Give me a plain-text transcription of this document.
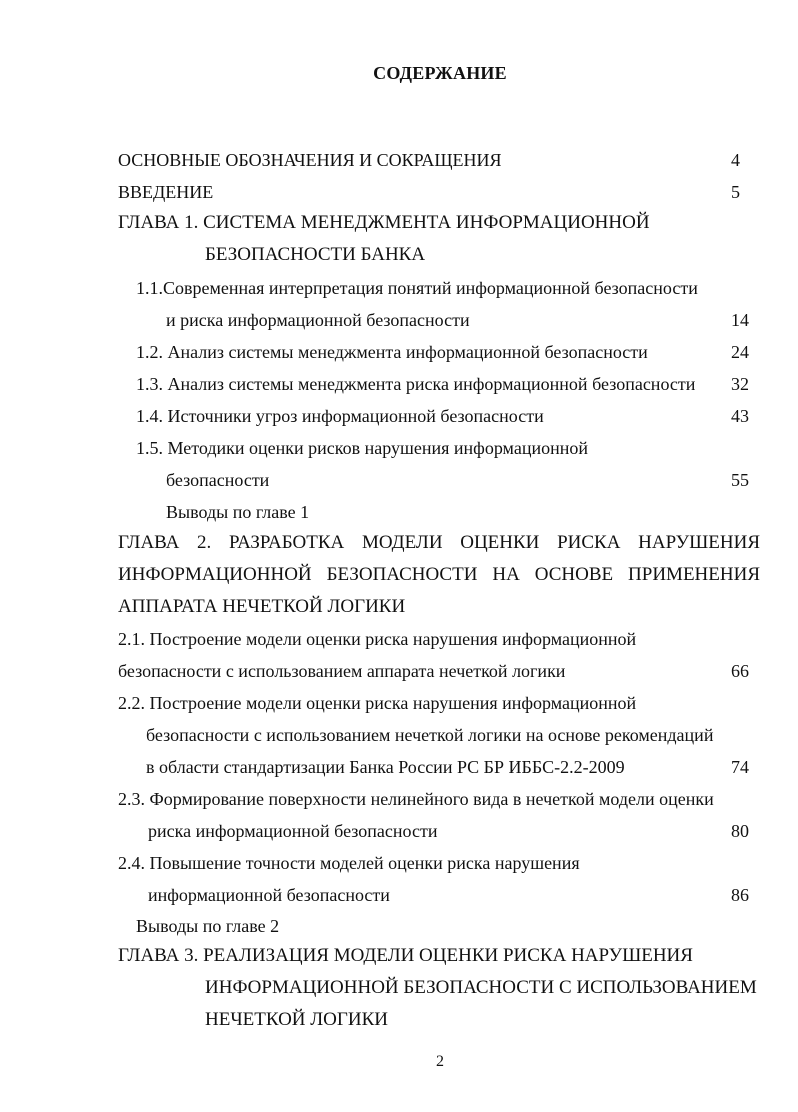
СОДЕРЖАНИЕ
ОСНОВНЫЕ ОБОЗНАЧЕНИЯ И СОКРАЩЕНИЯ	4
ВВЕДЕНИЕ	5
ГЛАВА 1. СИСТЕМА МЕНЕДЖМЕНТА ИНФОРМАЦИОННОЙ
БЕЗОПАСНОСТИ БАНКА
1.1.Современная интерпретация понятий информационной безопасности
и риска информационной безопасности	14
1.2. Анализ системы менеджмента информационной безопасности	24
1.3. Анализ системы менеджмента риска информационной безопасности 32
1.4. Источники угроз информационной безопасности	43
1.5. Методики оценки рисков нарушения информационной
безопасности	55
Выводы по главе 1
ГЛАВА 2. РАЗРАБОТКА МОДЕЛИ ОЦЕНКИ РИСКА НАРУШЕНИЯ
ИНФОРМАЦИОННОЙ БЕЗОПАСНОСТИ НА ОСНОВЕ ПРИМЕНЕНИЯ
АППАРАТА НЕЧЕТКОЙ ЛОГИКИ
2.1. Построение модели оценки риска нарушения информационной
безопасности с использованием аппарата нечеткой логики	66
2.2. Построение модели оценки риска нарушения информационной
безопасности с использованием нечеткой логики на основе рекомендаций
в области стандартизации Банка России РС БР ИББС-2.2-2009	74
2.3. Формирование поверхности нелинейного вида в нечеткой модели оценки
риска информационной безопасности	80
2.4. Повышение точности моделей оценки риска нарушения
информационной безопасности	86
Выводы по главе 2
ГЛАВА 3. РЕАЛИЗАЦИЯ МОДЕЛИ ОЦЕНКИ РИСКА НАРУШЕНИЯ
ИНФОРМАЦИОННОЙ БЕЗОПАСНОСТИ С ИСПОЛЬЗОВАНИЕМ
НЕЧЕТКОЙ ЛОГИКИ
2
